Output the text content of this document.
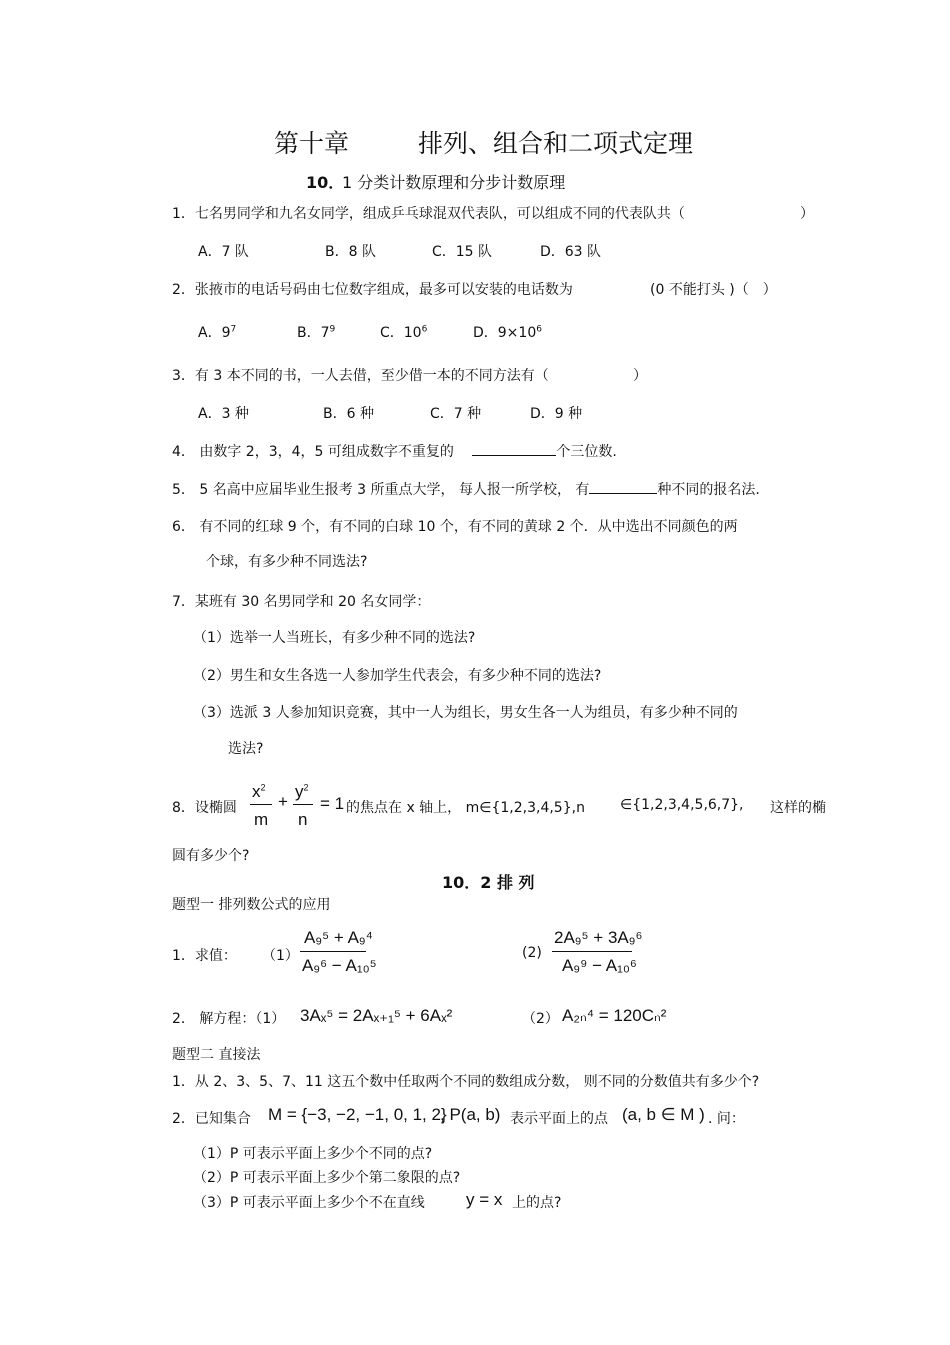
第十章	排列、组合和二项式定理
10．
1 分类计数原理和分步计数原理
1．七名男同学和九名女同学，组成乒乓球混双代表队，可以组成不同的代表队共（	）
A．7 队	B．8 队	C．15 队	D．63 队
2．张掖市的电话号码由七位数字组成，最多可以安装的电话数为	(0 不能打头 )（　）
A．$9^7$	B．$7^9$	C．$10^6$	D．$9\times 10^6$
3．有 3 本不同的书，一人去借，至少借一本的不同方法有（	）
A．3 种	B．6 种	C．7 种	D．9 种
4． 由数字 2，3，4，5 可组成数字不重复的	个三位数.
5． 5 名高中应届毕业生报考 3 所重点大学， 每人报一所学校， 有	种不同的报名法.
6． 有不同的红球 9 个，有不同的白球 10 个，有不同的黄球 2 个．从中选出不同颜色的两
个球，有多少种不同选法?
7．某班有 30 名男同学和 20 名女同学：
（1）选举一人当班长，有多少种不同的选法?
（2）男生和女生各选一人参加学生代表会，有多少种不同的选法?
（3）选派 3 人参加知识竞赛，其中一人为组长，男女生各一人为组员，有多少种不同的
选法?
8．设椭圆
$x^2$
m
+
$y^2$
n
= 1 的焦点在 x 轴上， m∈{1,2,3,4,5},n	∈{1,2,3,4,5,6,7}, 这样的椭
圆有多少个?
10．2 排 列
题型一 排列数公式的应用
1．求值： （1）
A₉⁵ + A₉⁴
A₉⁶ − A₁₀⁵
(2)
2A₉⁵ + 3A₉⁶
A₉⁹ − A₁₀⁶
2． 解方程：（1） 3Aₓ⁵ = 2Aₓ₊₁⁵ + 6Aₓ²	（2） A₂ₙ⁴ = 120Cₙ²
题型二 直接法
1．从 2、3、5、7、11 这五个数中任取两个不同的数组成分数， 则不同的分数值共有多少个?
2．已知集合 M = {−3, −2, −1, 0, 1, 2}
, P(a, b) 表示平面上的点 (a, b ∈ M ) . 问：
（1）P 可表示平面上多少个不同的点?
（2）P 可表示平面上多少个第二象限的点?
（3）P 可表示平面上多少个不在直线 y = x 上的点?
